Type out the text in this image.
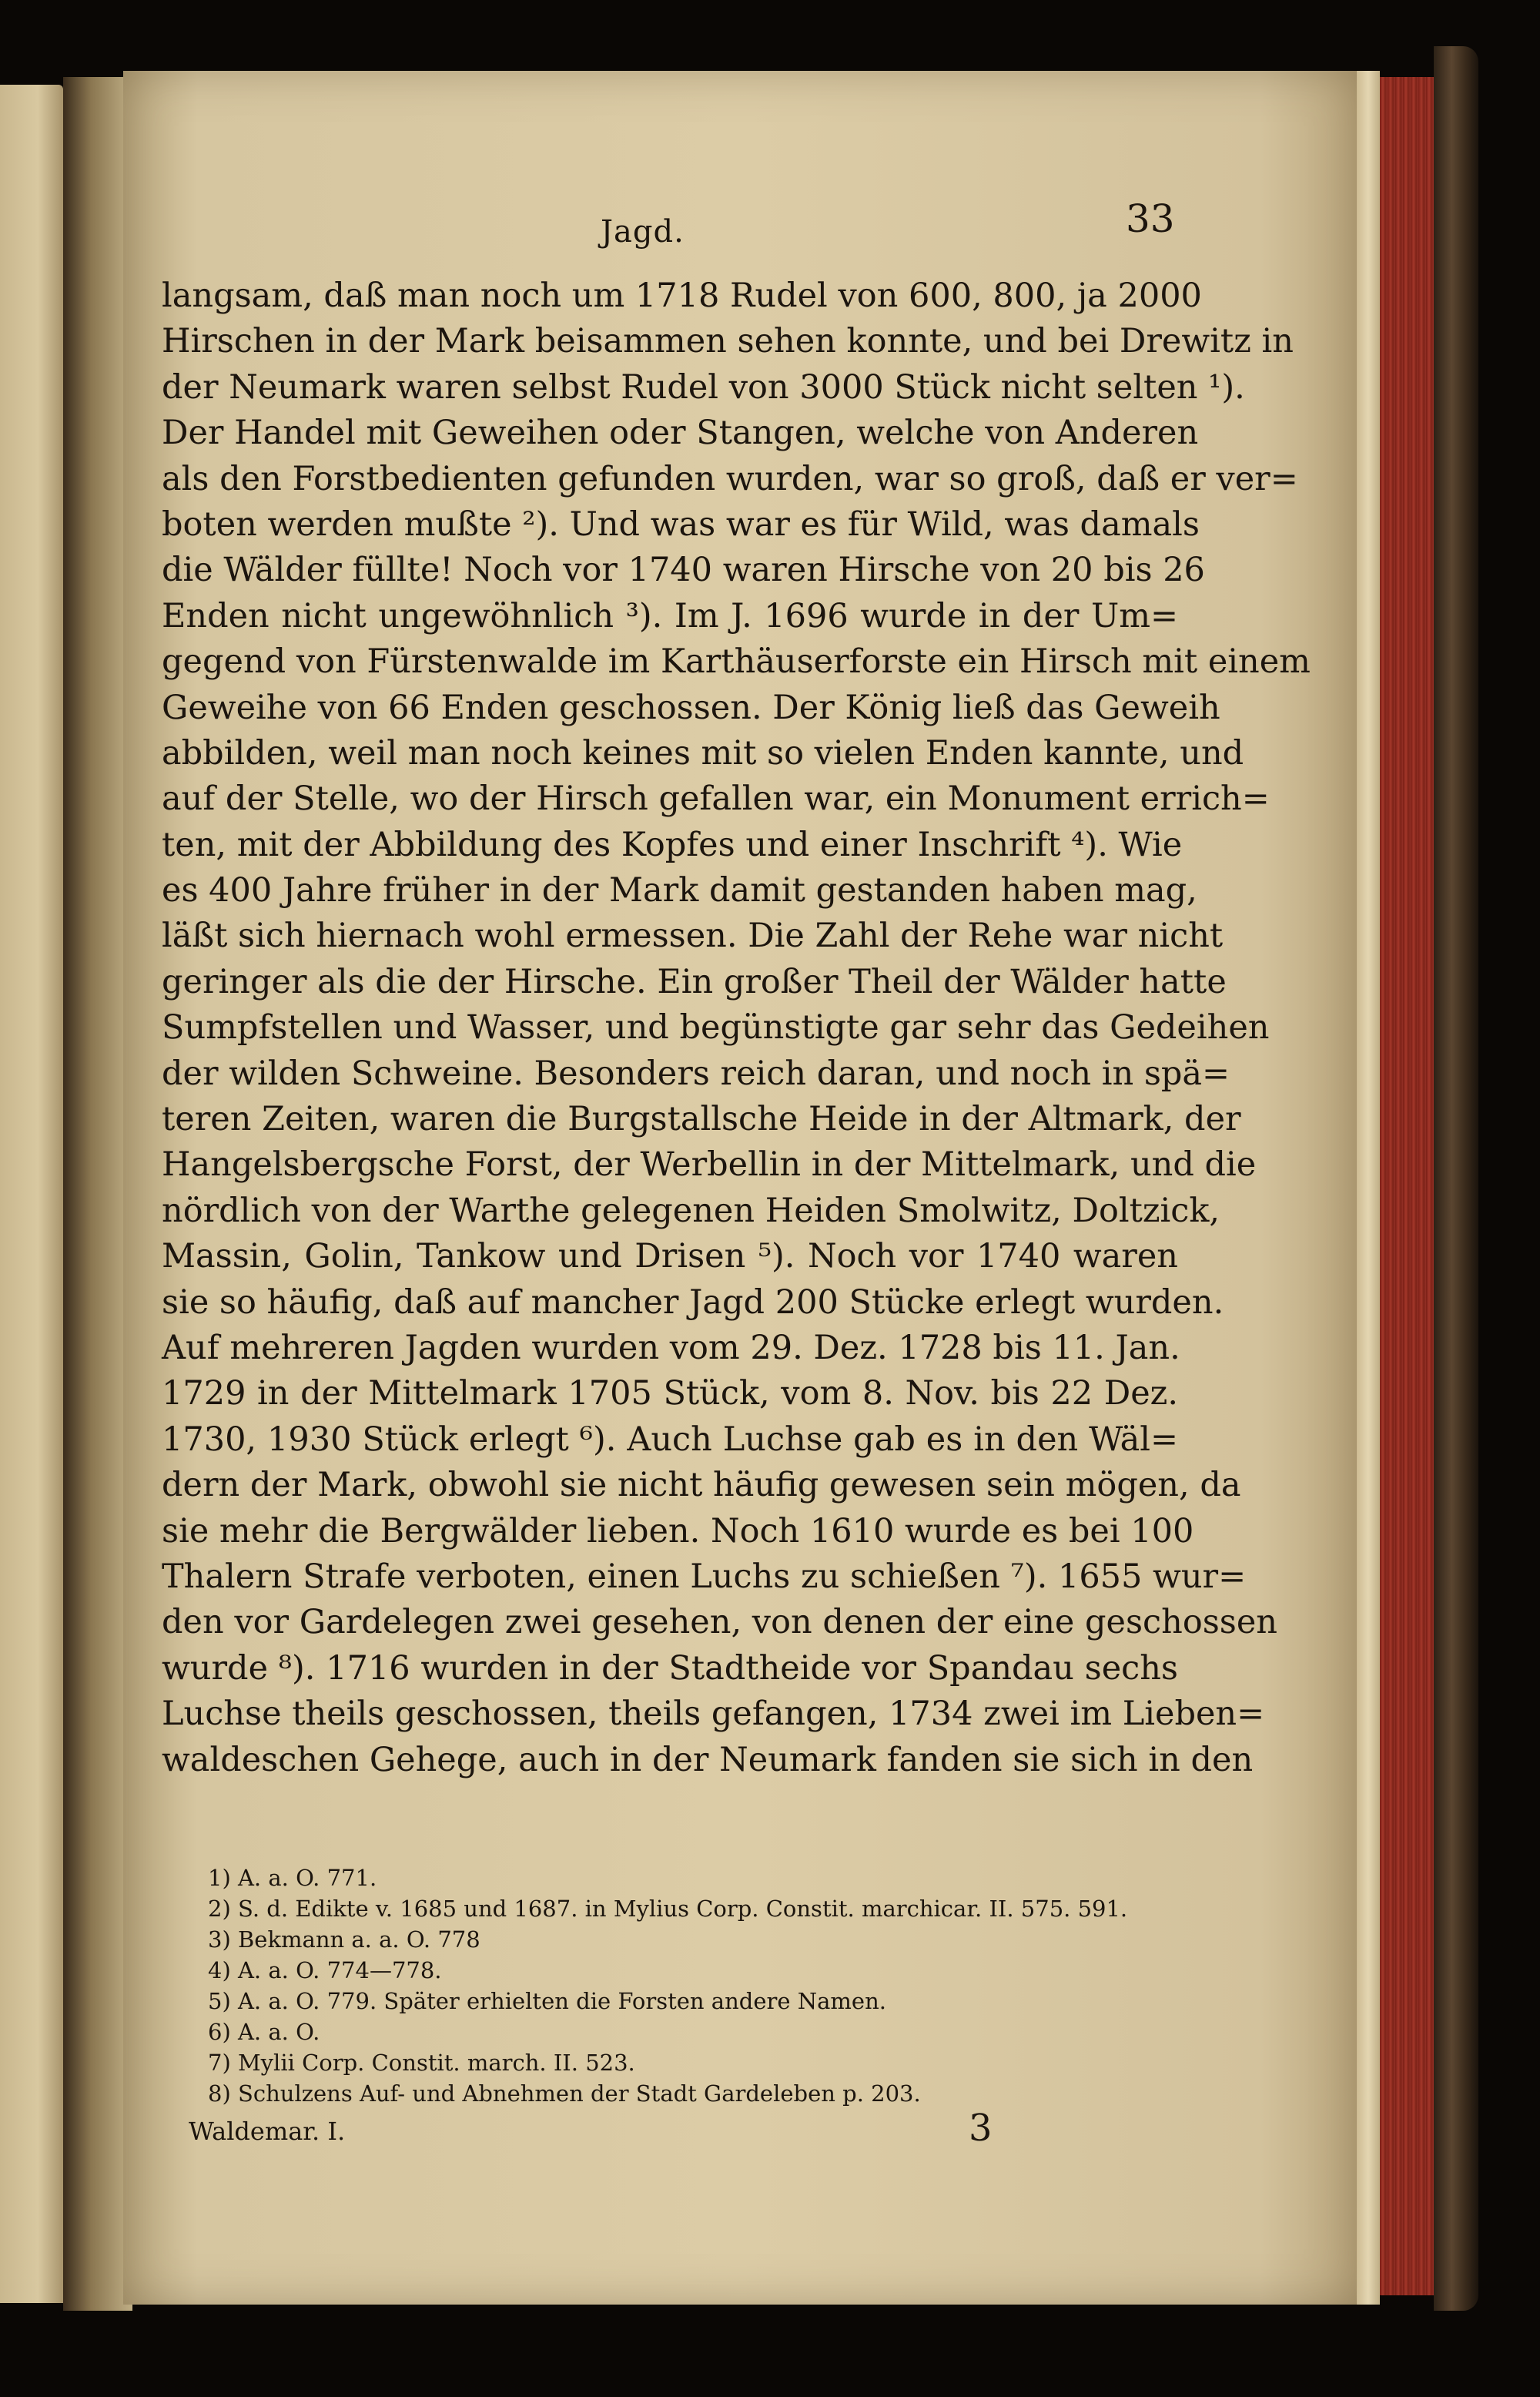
Jagd.	33
langsam, daß man noch um 1718 Rudel von 600, 800, ja 2000
Hirschen in der Mark beisammen sehen konnte, und bei Drewitz in
der Neumark waren selbst Rudel von 3000 Stück nicht selten ¹).
Der Handel mit Geweihen oder Stangen, welche von Anderen
als den Forstbedienten gefunden wurden, war so groß, daß er ver=
boten werden mußte ²). Und was war es für Wild, was damals
die Wälder füllte! Noch vor 1740 waren Hirsche von 20 bis 26
Enden nicht ungewöhnlich ³). Im J. 1696 wurde in der Um=
gegend von Fürstenwalde im Karthäuserforste ein Hirsch mit einem
Geweihe von 66 Enden geschossen. Der König ließ das Geweih
abbilden, weil man noch keines mit so vielen Enden kannte, und
auf der Stelle, wo der Hirsch gefallen war, ein Monument errich=
ten, mit der Abbildung des Kopfes und einer Inschrift ⁴). Wie
es 400 Jahre früher in der Mark damit gestanden haben mag,
läßt sich hiernach wohl ermessen. Die Zahl der Rehe war nicht
geringer als die der Hirsche. Ein großer Theil der Wälder hatte
Sumpfstellen und Wasser, und begünstigte gar sehr das Gedeihen
der wilden Schweine. Besonders reich daran, und noch in spä=
teren Zeiten, waren die Burgstallsche Heide in der Altmark, der
Hangelsbergsche Forst, der Werbellin in der Mittelmark, und die
nördlich von der Warthe gelegenen Heiden Smolwitz, Doltzick,
Massin, Golin, Tankow und Drisen ⁵). Noch vor 1740 waren
sie so häufig, daß auf mancher Jagd 200 Stücke erlegt wurden.
Auf mehreren Jagden wurden vom 29. Dez. 1728 bis 11. Jan.
1729 in der Mittelmark 1705 Stück, vom 8. Nov. bis 22 Dez.
1730, 1930 Stück erlegt ⁶). Auch Luchse gab es in den Wäl=
dern der Mark, obwohl sie nicht häufig gewesen sein mögen, da
sie mehr die Bergwälder lieben. Noch 1610 wurde es bei 100
Thalern Strafe verboten, einen Luchs zu schießen ⁷). 1655 wur=
den vor Gardelegen zwei gesehen, von denen der eine geschossen
wurde ⁸). 1716 wurden in der Stadtheide vor Spandau sechs
Luchse theils geschossen, theils gefangen, 1734 zwei im Lieben=
waldeschen Gehege, auch in der Neumark fanden sie sich in den
1) A. a. O. 771.
2) S. d. Edikte v. 1685 und 1687. in Mylius Corp. Constit. marchicar. II. 575. 591.
3) Bekmann a. a. O. 778
4) A. a. O. 774—778.
5) A. a. O. 779. Später erhielten die Forsten andere Namen.
6) A. a. O.
7) Mylii Corp. Constit. march. II. 523.
8) Schulzens Auf- und Abnehmen der Stadt Gardeleben p. 203.
Waldemar. I.	3
